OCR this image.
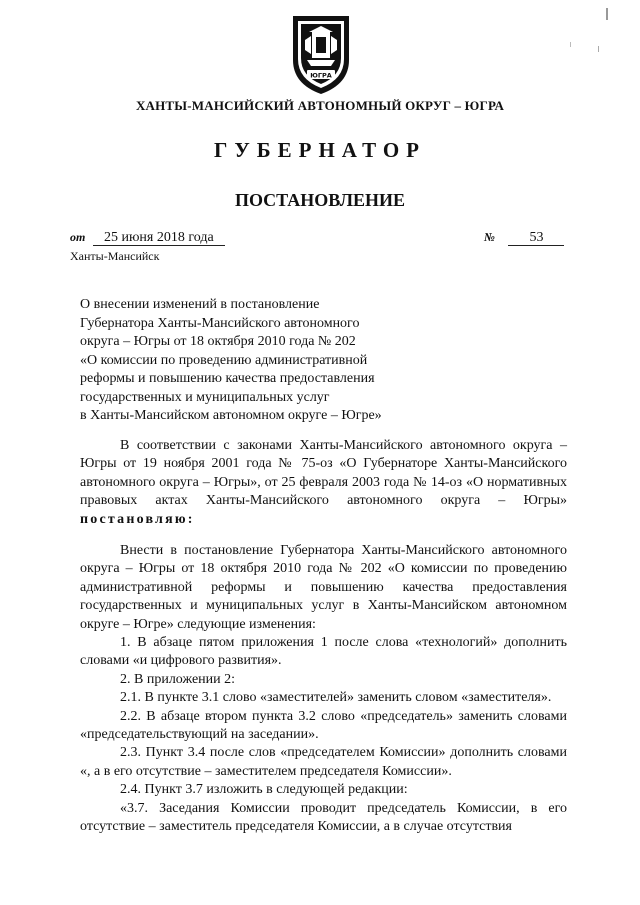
ЮГРА
ХАНТЫ-МАНСИЙСКИЙ АВТОНОМНЫЙ ОКРУГ – ЮГРА
ГУБЕРНАТОР
ПОСТАНОВЛЕНИЕ
от 25 июня 2018 года	№ 53
Ханты-Мансийск
О внесении изменений в постановление
Губернатора Ханты-Мансийского автономного
округа – Югры от 18 октября 2010 года № 202
«О комиссии по проведению административной
реформы и повышению качества предоставления
государственных и муниципальных услуг
в Ханты-Мансийском автономном округе – Югре»

В соответствии с законами Ханты-Мансийского автономного округа – Югры от 19 ноября 2001 года № 75-оз «О Губернаторе Ханты-Мансийского автономного округа – Югры», от 25 февраля 2003 года № 14-оз «О нормативных правовых актах Ханты-Мансийского автономного округа – Югры» постановляю:

Внести в постановление Губернатора Ханты-Мансийского автономного округа – Югры от 18 октября 2010 года № 202 «О комиссии по проведению административной реформы и повышению качества предоставления государственных и муниципальных услуг в Ханты-Мансийском автономном округе – Югре» следующие изменения:

1. В абзаце пятом приложения 1 после слова «технологий» дополнить словами «и цифрового развития».

2. В приложении 2:

2.1. В пункте 3.1 слово «заместителей» заменить словом «заместителя».

2.2. В абзаце втором пункта 3.2 слово «председатель» заменить словами «председательствующий на заседании».

2.3. Пункт 3.4 после слов «председателем Комиссии» дополнить словами «, а в его отсутствие – заместителем председателя Комиссии».

2.4. Пункт 3.7 изложить в следующей редакции:

«3.7. Заседания Комиссии проводит председатель Комиссии, в его отсутствие – заместитель председателя Комиссии, а в случае отсутствия
